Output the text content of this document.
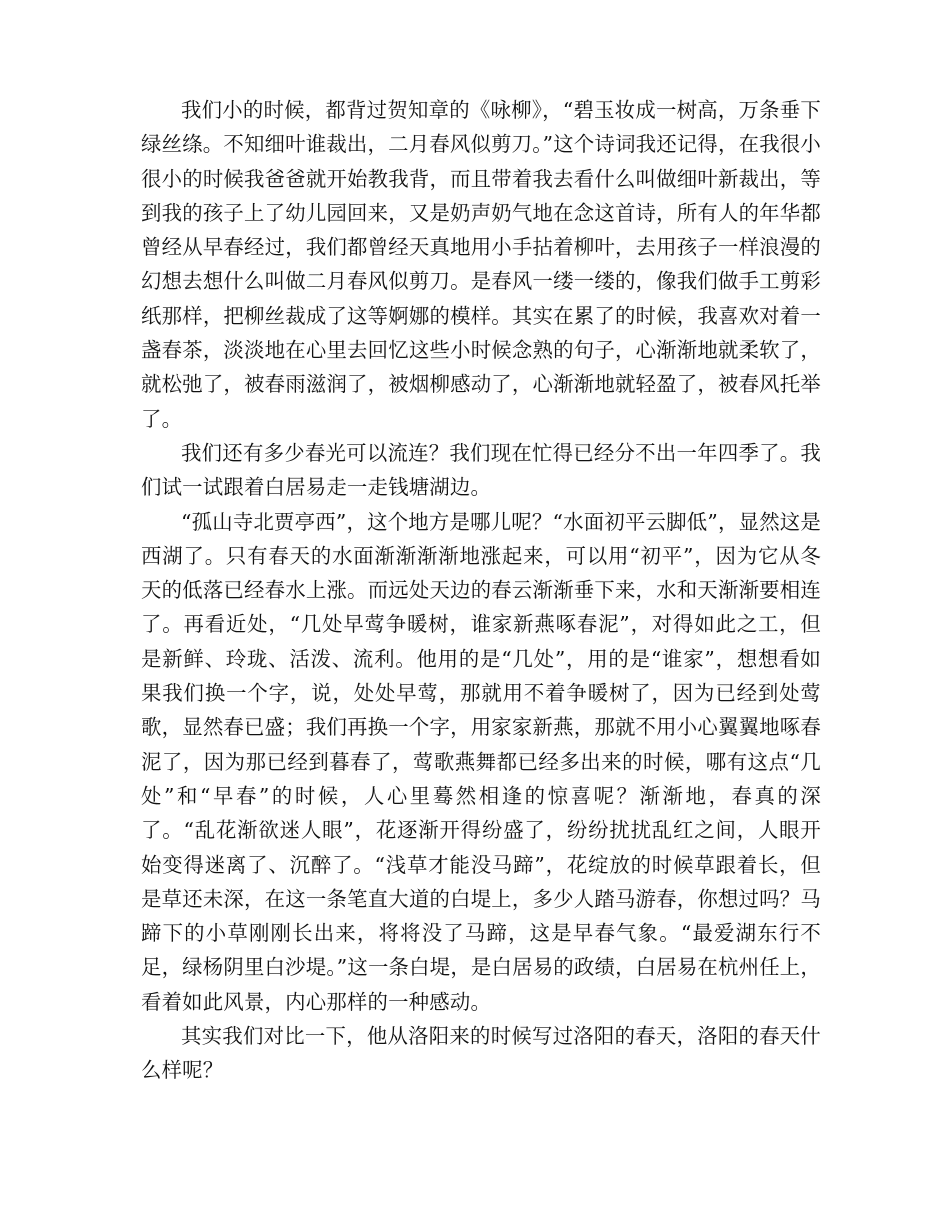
我们小的时候，都背过贺知章的《咏柳》，“碧玉妆成一树高，万条垂下绿丝绦。不知细叶谁裁出，二月春风似剪刀。”这个诗词我还记得，在我很小很小的时候我爸爸就开始教我背，而且带着我去看什么叫做细叶新裁出，等到我的孩子上了幼儿园回来，又是奶声奶气地在念这首诗，所有人的年华都曾经从早春经过，我们都曾经天真地用小手拈着柳叶，去用孩子一样浪漫的幻想去想什么叫做二月春风似剪刀。是春风一缕一缕的，像我们做手工剪彩纸那样，把柳丝裁成了这等婀娜的模样。其实在累了的时候，我喜欢对着一盏春茶，淡淡地在心里去回忆这些小时候念熟的句子，心渐渐地就柔软了，就松弛了，被春雨滋润了，被烟柳感动了，心渐渐地就轻盈了，被春风托举了。

我们还有多少春光可以流连？我们现在忙得已经分不出一年四季了。我们试一试跟着白居易走一走钱塘湖边。

“孤山寺北贾亭西”，这个地方是哪儿呢？“水面初平云脚低”，显然这是西湖了。只有春天的水面渐渐渐渐地涨起来，可以用“初平”，因为它从冬天的低落已经春水上涨。而远处天边的春云渐渐垂下来，水和天渐渐要相连了。再看近处，“几处早莺争暖树，谁家新燕啄春泥”，对得如此之工，但是新鲜、玲珑、活泼、流利。他用的是“几处”，用的是“谁家”，想想看如果我们换一个字，说，处处早莺，那就用不着争暖树了，因为已经到处莺歌，显然春已盛；我们再换一个字，用家家新燕，那就不用小心翼翼地啄春泥了，因为那已经到暮春了，莺歌燕舞都已经多出来的时候，哪有这点“几处”和“早春”的时候，人心里蓦然相逢的惊喜呢？渐渐地，春真的深了。“乱花渐欲迷人眼”，花逐渐开得纷盛了，纷纷扰扰乱红之间，人眼开始变得迷离了、沉醉了。“浅草才能没马蹄”，花绽放的时候草跟着长，但是草还未深，在这一条笔直大道的白堤上，多少人踏马游春，你想过吗？马蹄下的小草刚刚长出来，将将没了马蹄，这是早春气象。“最爱湖东行不足，绿杨阴里白沙堤。”这一条白堤，是白居易的政绩，白居易在杭州任上，看着如此风景，内心那样的一种感动。

其实我们对比一下，他从洛阳来的时候写过洛阳的春天，洛阳的春天什么样呢？
